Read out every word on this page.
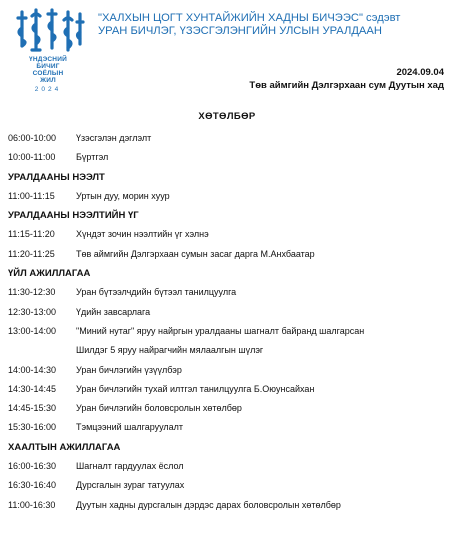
ҮНДЭСНИЙ
БИЧИГ
СОЁЛЫН
ЖИЛ
2024
"ХАЛХЫН ЦОГТ ХУНТАЙЖИЙН ХАДНЫ БИЧЭЭС" сэдэвт
УРАН БИЧЛЭГ, ҮЗЭСГЭЛЭНГИЙН УЛСЫН УРАЛДААН
2024.09.04
Төв аймгийн Дэлгэрхаан сум Дуутын хад
ХӨТӨЛБӨР
06:00-10:00 Үзэсгэлэн дэглэлт
10:00-11:00 Бүртгэл
УРАЛДААНЫ НЭЭЛТ
11:00-11:15 Уртын дуу, морин хуур
УРАЛДААНЫ НЭЭЛТИЙН ҮГ
11:15-11:20 Хүндэт зочин нээлтийн үг хэлнэ
11:20-11:25 Төв аймгийн Дэлгэрхаан сумын засаг дарга М.Анхбаатар
ҮЙЛ АЖИЛЛАГАА
11:30-12:30 Уран бүтээлчдийн бүтээл танилцуулга
12:30-13:00 Үдийн завсарлага
13:00-14:00 "Миний нутаг" яруу найргын уралдааны шагналт байранд шалгарсан
Шилдэг 5 яруу найрагчийн мялаалгын шүлэг
14:00-14:30 Уран бичлэгийн үзүүлбэр
14:30-14:45 Уран бичлэгийн тухай илтгэл танилцуулга Б.Оюунсайхан
14:45-15:30 Уран бичлэгийн боловсролын хөтөлбөр
15:30-16:00 Тэмцээний шалгаруулалт
ХААЛТЫН АЖИЛЛАГАА
16:00-16:30 Шагналт гардуулах ёслол
16:30-16:40 Дурсгалын зураг татуулах
11:00-16:30 Дуутын хадны дурсгалын дэрдэс дарах боловсролын хөтөлбөр
